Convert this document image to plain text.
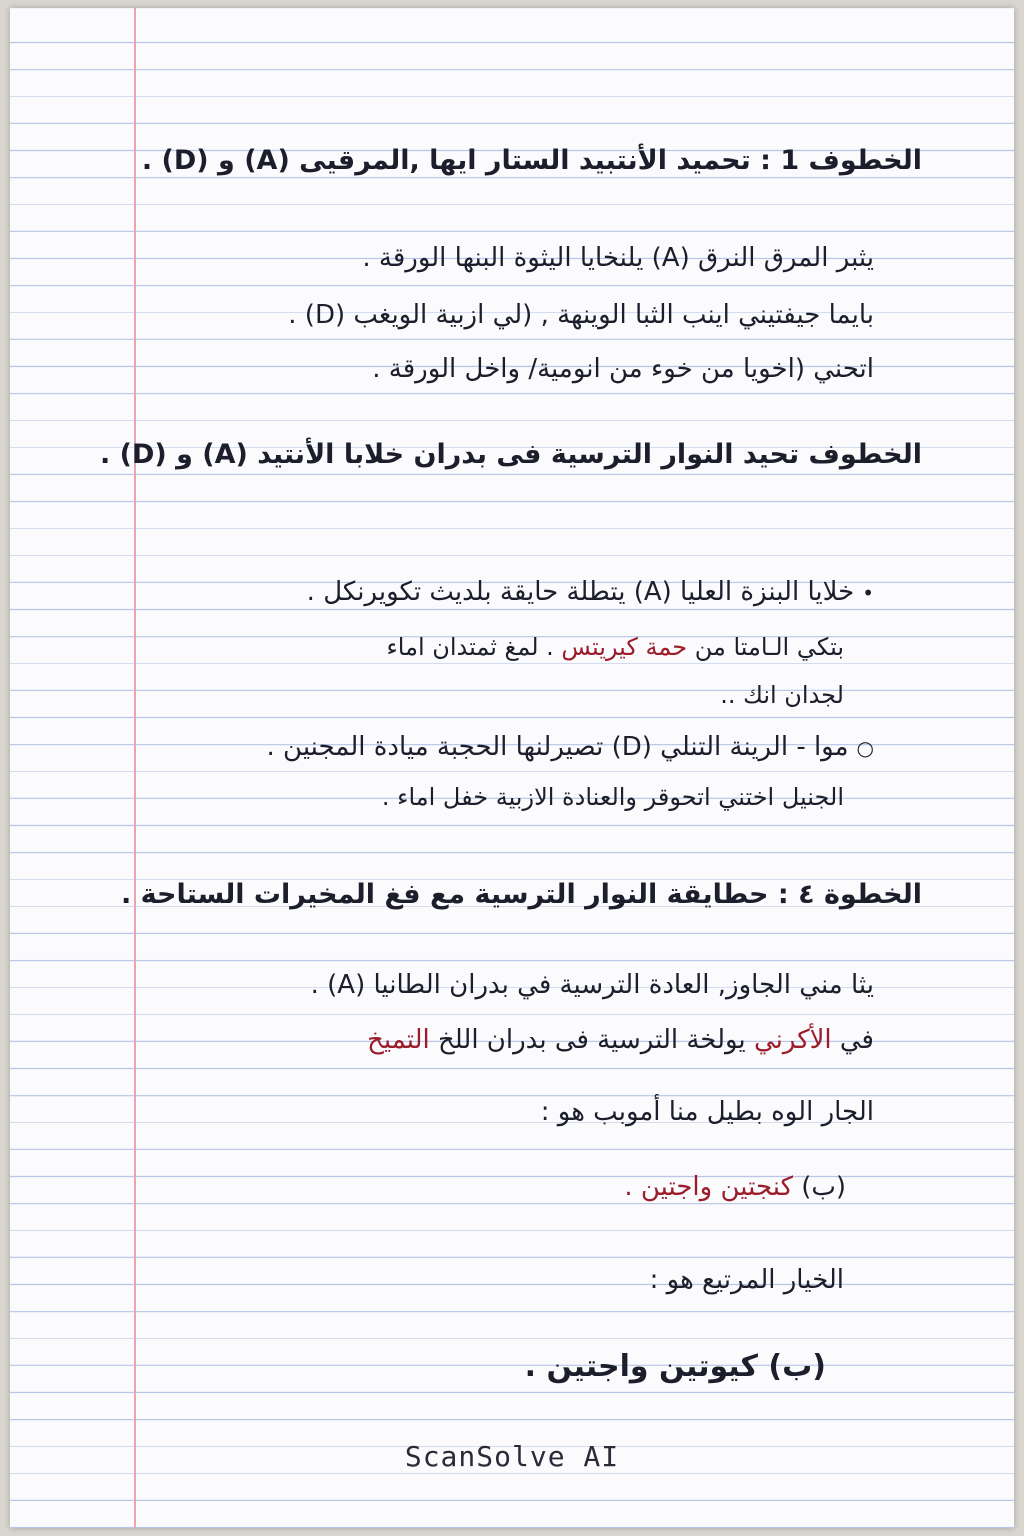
الخطوف 1 : تحميد الأنتبيد الستار ايها ,المرقيى (A) و (D) .
يثبر المرق النرق (A) يلنخايا اليثوة البنها الورقة .
بايما جيفتيني اينب الثبا الوينهة , (لي ازبية الويغب (D) .
اتحني (اخويا من خوء من انومية/ واخل الورقة .
الخطوف تحيد النوار الترسية فى بدران خلابا الأنتيد (A) و (D) .
•خلايا البنزة العليا (A) يتطلة حايقة بلديث تكويرنكل .
بتكي الـامتا من حمة كيريتس . لمغ ثمتدان اماء
لجدان انك ..
○موا - الرينة التنلي (D) تصيرلنها الحجبة ميادة المجنين .
الجنيل اختني اتحوقر والعنادة الازبية خفل اماء .
الخطوة ٤ : حطايقة النوار الترسية مع فغ المخيرات الستاحة .
يثا مني الجاوز, العادة الترسية في بدران الطانيا (A) .
في الأكرني يولخة الترسية فى بدران اللخ التميخ
الجار الوه بطيل منا أموبب هو :
(ب) كنجتين واجتين .
الخيار المرتيع هو :
(ب) كيوتين واجتين .
ScanSolve AI
